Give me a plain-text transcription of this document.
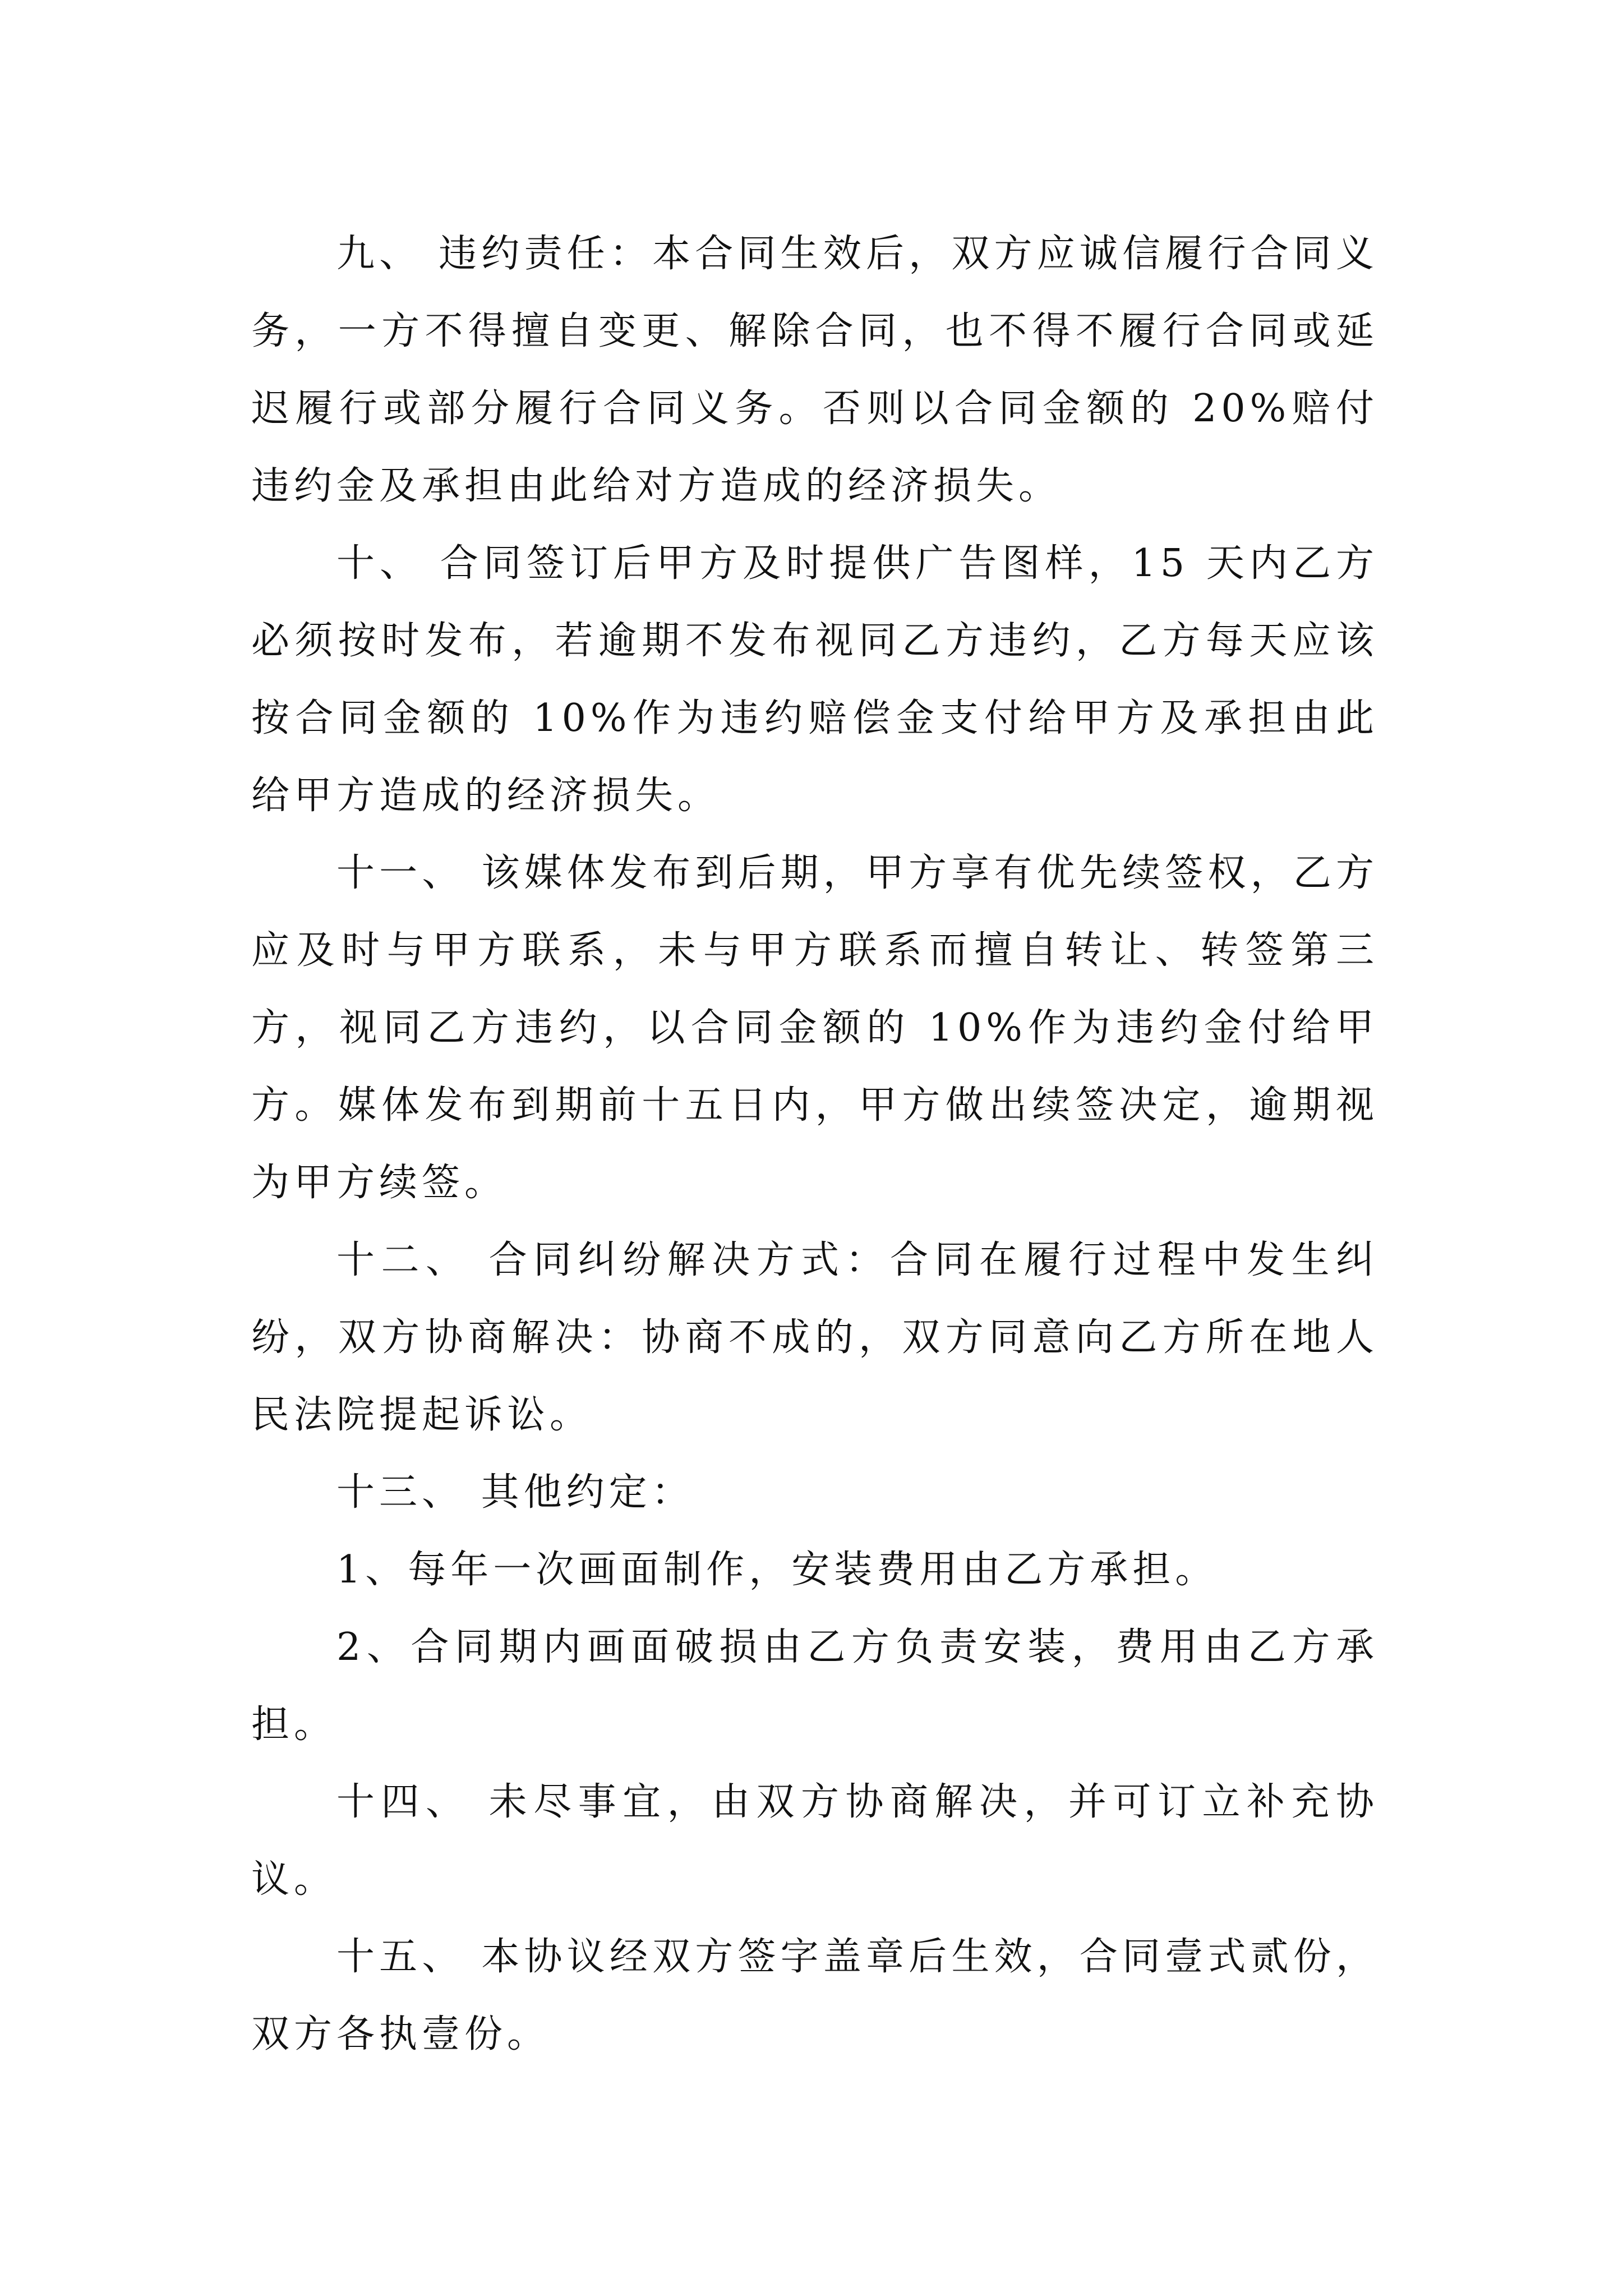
九、 违约责任：本合同生效后，双方应诚信履行合同义务，一方不得擅自变更、解除合同，也不得不履行合同或延迟履行或部分履行合同义务。否则以合同金额的 20%赔付违约金及承担由此给对方造成的经济损失。

十、 合同签订后甲方及时提供广告图样，15 天内乙方必须按时发布，若逾期不发布视同乙方违约，乙方每天应该按合同金额的 10%作为违约赔偿金支付给甲方及承担由此给甲方造成的经济损失。

十一、 该媒体发布到后期，甲方享有优先续签权，乙方应及时与甲方联系，未与甲方联系而擅自转让、转签第三方，视同乙方违约，以合同金额的 10%作为违约金付给甲方。媒体发布到期前十五日内，甲方做出续签决定，逾期视为甲方续签。

十二、 合同纠纷解决方式：合同在履行过程中发生纠纷，双方协商解决：协商不成的，双方同意向乙方所在地人民法院提起诉讼。

十三、 其他约定：

1、每年一次画面制作，安装费用由乙方承担。

2、合同期内画面破损由乙方负责安装，费用由乙方承担。

十四、 未尽事宜，由双方协商解决，并可订立补充协议。

十五、 本协议经双方签字盖章后生效，合同壹式贰份，双方各执壹份。
